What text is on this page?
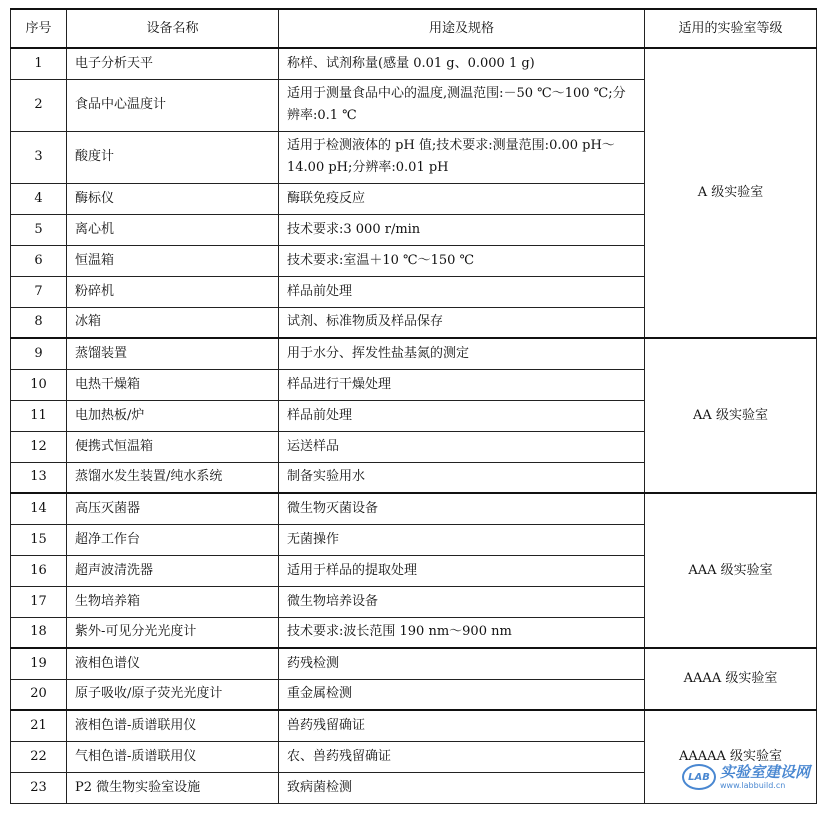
序号	设备名称	用途及规格	适用的实验室等级
1	电子分析天平	称样、试剂称量(感量 0.01 g、0.000 1 g)	A 级实验室
2	食品中心温度计	适用于测量食品中心的温度,测温范围:－50 ℃～100 ℃;分辨率:0.1 ℃	
3	酸度计	适用于检测液体的 pH 值;技术要求:测量范围:0.00 pH～14.00 pH;分辨率:0.01 pH	
4	酶标仪	酶联免疫反应	
5	离心机	技术要求:3 000 r/min	
6	恒温箱	技术要求:室温＋10 ℃～150 ℃	
7	粉碎机	样品前处理	
8	冰箱	试剂、标准物质及样品保存	
9	蒸馏装置	用于水分、挥发性盐基氮的测定	AA 级实验室
10	电热干燥箱	样品进行干燥处理	
11	电加热板/炉	样品前处理	
12	便携式恒温箱	运送样品	
13	蒸馏水发生装置/纯水系统	制备实验用水	
14	高压灭菌器	微生物灭菌设备	AAA 级实验室
15	超净工作台	无菌操作	
16	超声波清洗器	适用于样品的提取处理	
17	生物培养箱	微生物培养设备	
18	紫外-可见分光光度计	技术要求:波长范围 190 nm～900 nm	
19	液相色谱仪	药残检测	AAAA 级实验室
20	原子吸收/原子荧光光度计	重金属检测	
21	液相色谱-质谱联用仪	兽药残留确证	AAAAA 级实验室
22	气相色谱-质谱联用仪	农、兽药残留确证	
23	P2 微生物实验室设施	致病菌检测	
LAB 实验室建设网
www.labbuild.cn
